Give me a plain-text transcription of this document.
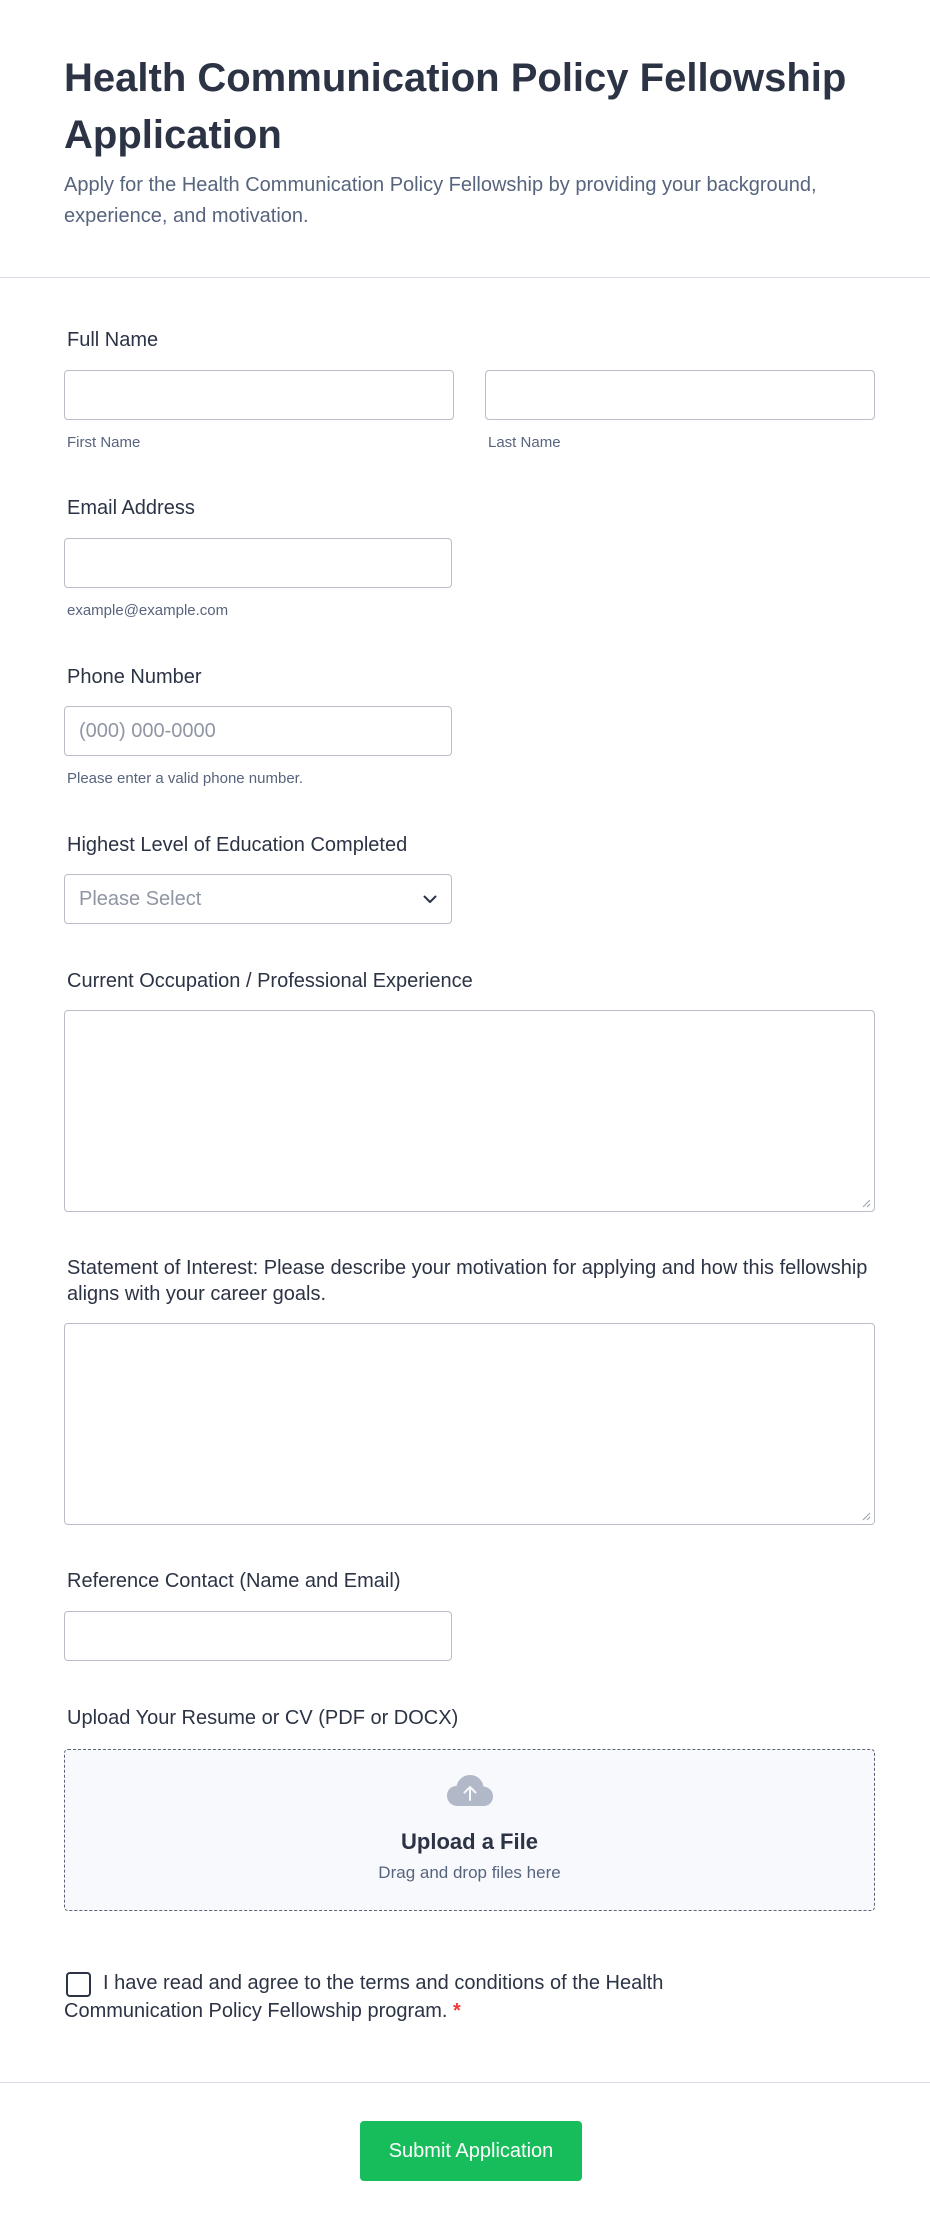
Health Communication Policy Fellowship Application

Apply for the Health Communication Policy Fellowship by providing your background, experience, and motivation.

Full Name
First Name	Last Name
Email Address
example@example.com
Phone Number
(000) 000-0000
Please enter a valid phone number.
Highest Level of Education Completed
Please Select
Current Occupation / Professional Experience
Statement of Interest: Please describe your motivation for applying and how this fellowship aligns with your career goals.
Reference Contact (Name and Email)
Upload Your Resume or CV (PDF or DOCX)
Upload a File
Drag and drop files here
I have read and agree to the terms and conditions of the Health Communication Policy Fellowship program. *
Submit Application
